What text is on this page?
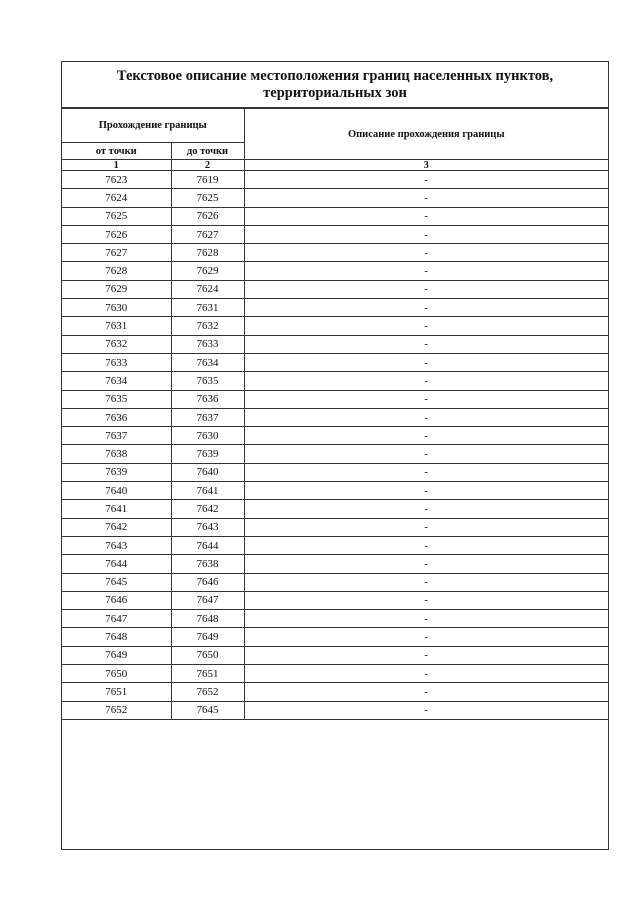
Текстовое описание местоположения границ населенных пунктов,
территориальных зон
Прохождение границы		Описание прохождения границы
от точки	до точки	
1	2	3
7623	7619	-
7624	7625	-
7625	7626	-
7626	7627	-
7627	7628	-
7628	7629	-
7629	7624	-
7630	7631	-
7631	7632	-
7632	7633	-
7633	7634	-
7634	7635	-
7635	7636	-
7636	7637	-
7637	7630	-
7638	7639	-
7639	7640	-
7640	7641	-
7641	7642	-
7642	7643	-
7643	7644	-
7644	7638	-
7645	7646	-
7646	7647	-
7647	7648	-
7648	7649	-
7649	7650	-
7650	7651	-
7651	7652	-
7652	7645	-
